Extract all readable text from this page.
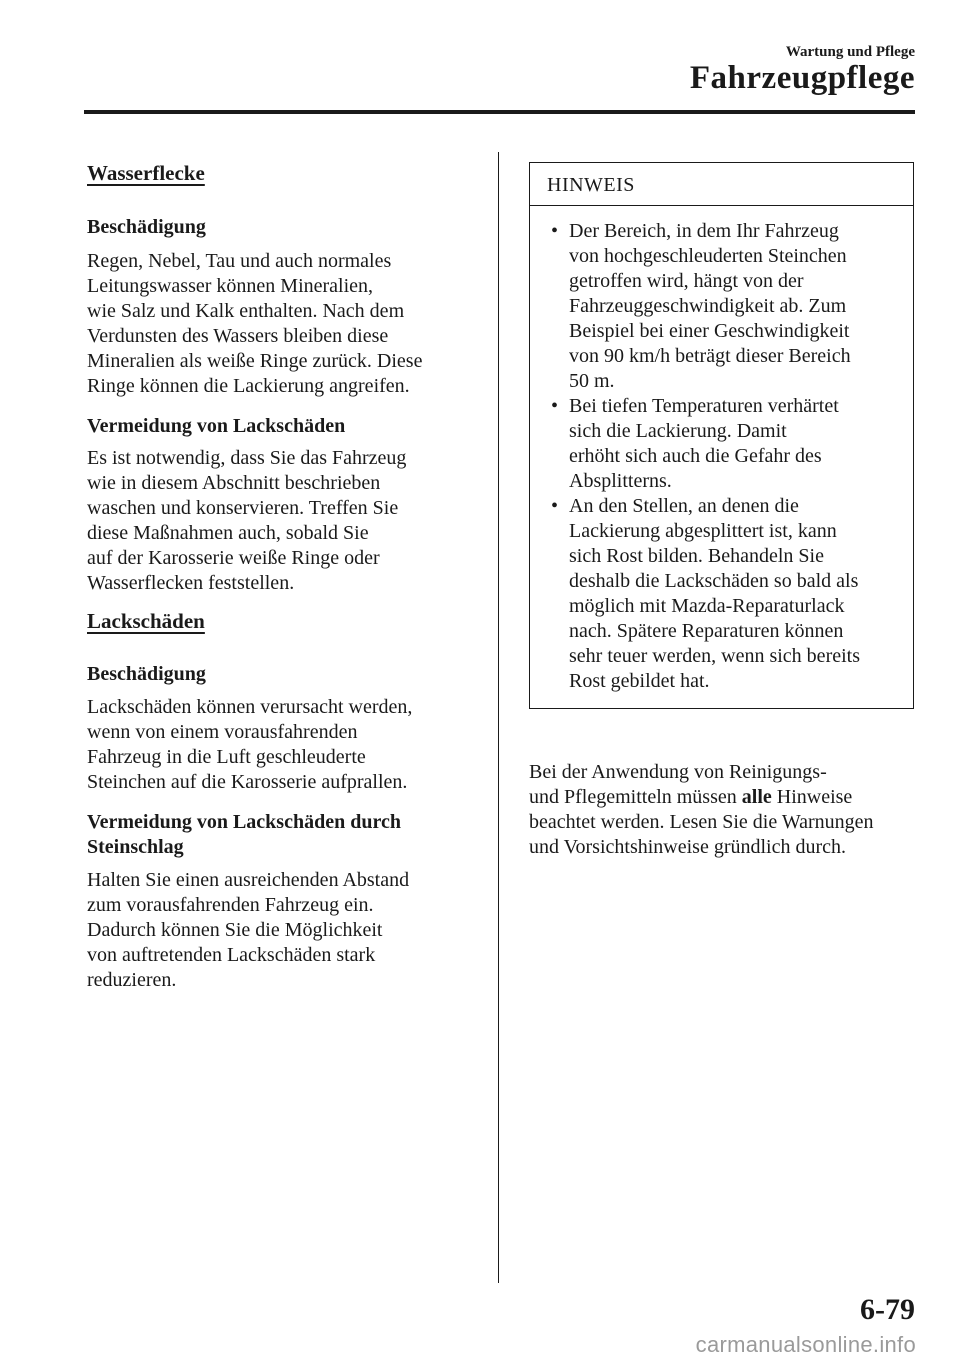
Wartung und Pflege
Fahrzeugpflege
Wasserflecke
Beschädigung

Regen, Nebel, Tau und auch normales
Leitungswasser können Mineralien,
wie Salz und Kalk enthalten. Nach dem
Verdunsten des Wassers bleiben diese
Mineralien als weiße Ringe zurück. Diese
Ringe können die Lackierung angreifen.

Vermeidung von Lackschäden

Es ist notwendig, dass Sie das Fahrzeug
wie in diesem Abschnitt beschrieben
waschen und konservieren. Treffen Sie
diese Maßnahmen auch, sobald Sie
auf der Karosserie weiße Ringe oder
Wasserflecken feststellen.

Lackschäden
Beschädigung

Lackschäden können verursacht werden,
wenn von einem vorausfahrenden
Fahrzeug in die Luft geschleuderte
Steinchen auf die Karosserie aufprallen.

Vermeidung von Lackschäden durch
Steinschlag

Halten Sie einen ausreichenden Abstand
zum vorausfahrenden Fahrzeug ein.
Dadurch können Sie die Möglichkeit
von auftretenden Lackschäden stark
reduzieren.

HINWEIS
• Der Bereich, in dem Ihr Fahrzeug
von hochgeschleuderten Steinchen
getroffen wird, hängt von der
Fahrzeuggeschwindigkeit ab. Zum
Beispiel bei einer Geschwindigkeit
von 90 km/h beträgt dieser Bereich
50 m.
• Bei tiefen Temperaturen verhärtet
sich die Lackierung. Damit
erhöht sich auch die Gefahr des
Absplitterns.
• An den Stellen, an denen die
Lackierung abgesplittert ist, kann
sich Rost bilden. Behandeln Sie
deshalb die Lackschäden so bald als
möglich mit Mazda-Reparaturlack
nach. Spätere Reparaturen können
sehr teuer werden, wenn sich bereits
Rost gebildet hat.

Bei der Anwendung von Reinigungs-
und Pflegemitteln müssen alle Hinweise
beachtet werden. Lesen Sie die Warnungen
und Vorsichtshinweise gründlich durch.

6-79
carmanualsonline.info
